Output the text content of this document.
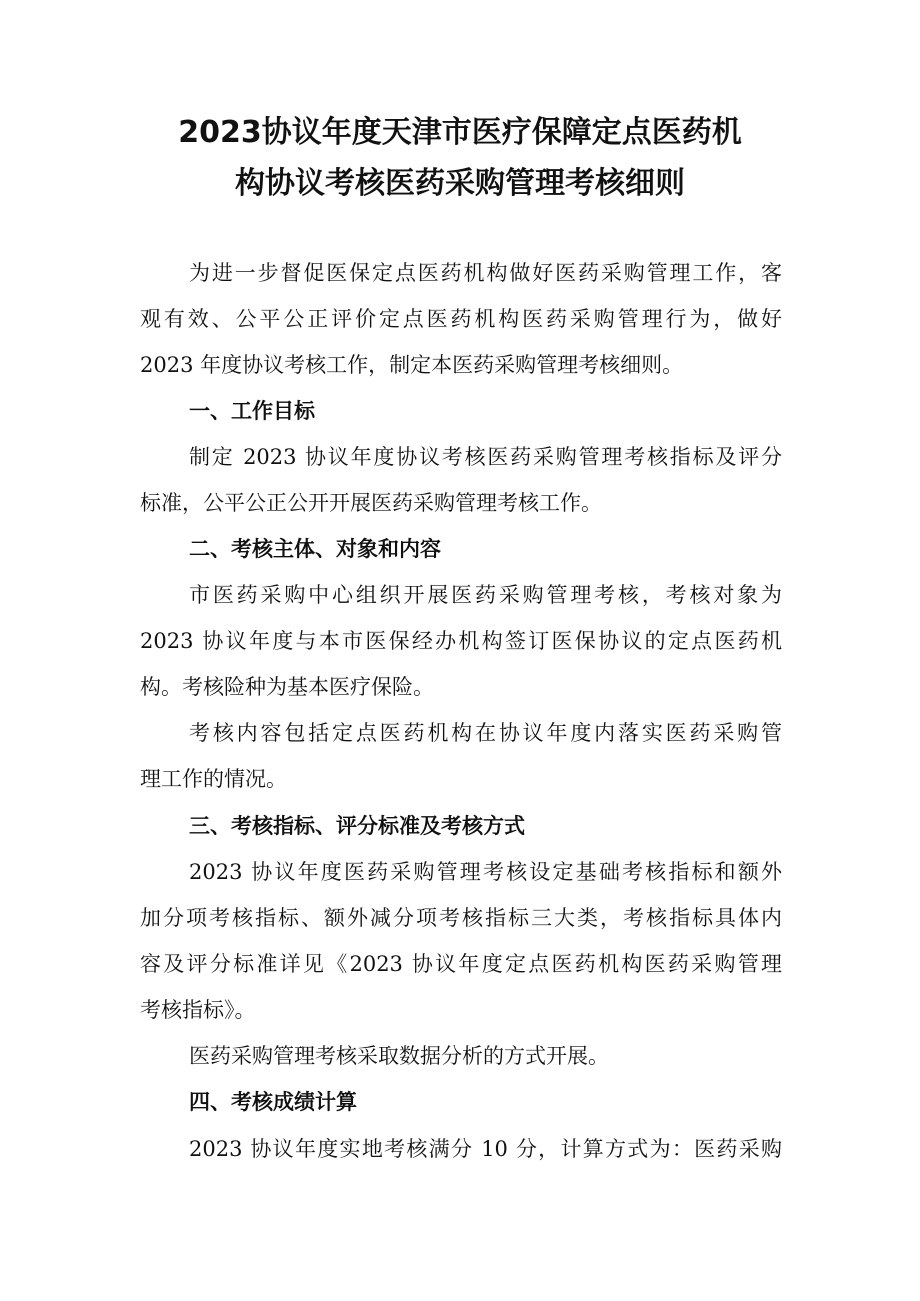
2023协议年度天津市医疗保障定点医药机
构协议考核医药采购管理考核细则
为进一步督促医保定点医药机构做好医药采购管理工作，客
观有效、公平公正评价定点医药机构医药采购管理行为，做好
2023 年度协议考核工作，制定本医药采购管理考核细则。
一、工作目标
制定 2023 协议年度协议考核医药采购管理考核指标及评分
标准，公平公正公开开展医药采购管理考核工作。
二、考核主体、对象和内容
市医药采购中心组织开展医药采购管理考核，考核对象为
2023 协议年度与本市医保经办机构签订医保协议的定点医药机
构。考核险种为基本医疗保险。
考核内容包括定点医药机构在协议年度内落实医药采购管
理工作的情况。
三、考核指标、评分标准及考核方式
2023 协议年度医药采购管理考核设定基础考核指标和额外
加分项考核指标、额外减分项考核指标三大类，考核指标具体内
容及评分标准详见《2023 协议年度定点医药机构医药采购管理
考核指标》。
医药采购管理考核采取数据分析的方式开展。
四、考核成绩计算
2023 协议年度实地考核满分 10 分，计算方式为：医药采购
